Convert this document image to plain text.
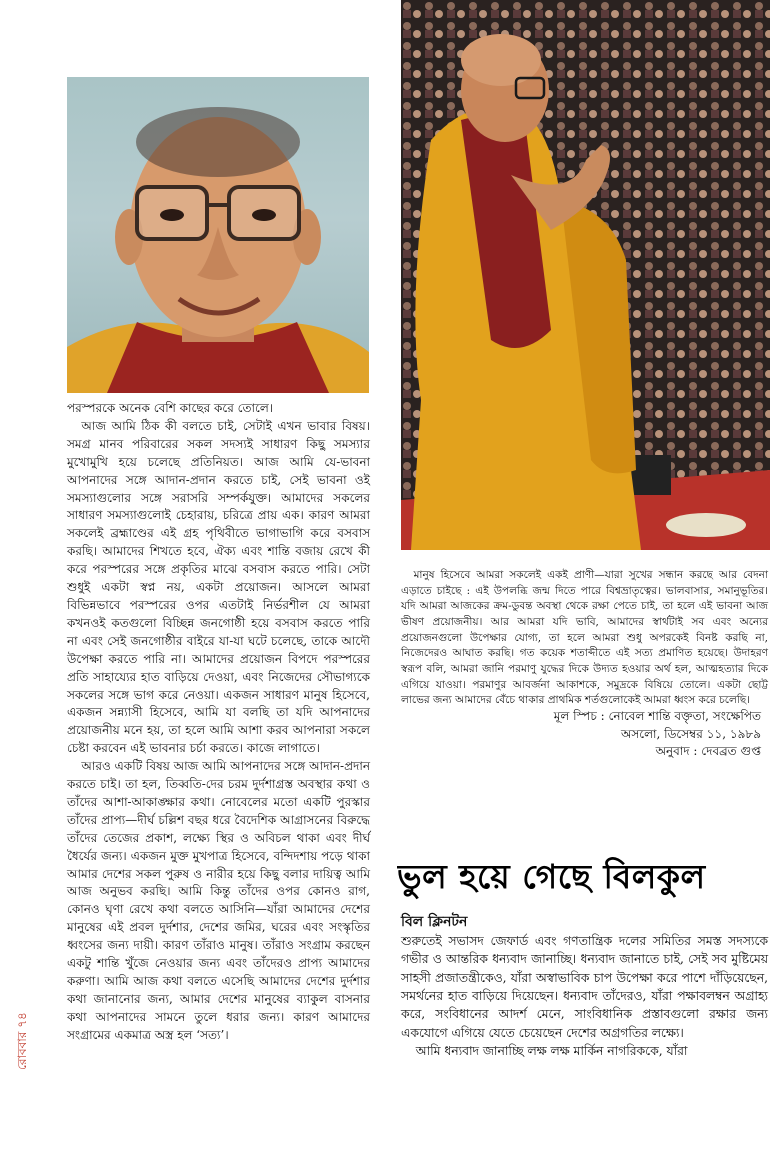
পরস্পরকে অনেক বেশি কাছের করে তোলে।

আজ আমি ঠিক কী বলতে চাই, সেটাই এখন ভাবার বিষয়। সমগ্র মানব পরিবারের সকল সদস্যই সাধারণ কিছু সমস্যার মুখোমুখি হয়ে চলেছে প্রতিনিয়ত। আজ আমি যে-ভাবনা আপনাদের সঙ্গে আদান-প্রদান করতে চাই, সেই ভাবনা ওই সমস্যাগুলোর সঙ্গে সরাসরি সম্পর্কযুক্ত। আমাদের সকলের সাধারণ সমস্যাগুলোই চেহারায়, চরিত্রে প্রায় এক। কারণ আমরা সকলেই ব্রহ্মাণ্ডের এই গ্রহ পৃথিবীতে ভাগাভাগি করে বসবাস করছি। আমাদের শিখতে হবে, ঐক্য এবং শান্তি বজায় রেখে কী করে পরস্পরের সঙ্গে প্রকৃতির মাঝে বসবাস করতে পারি। সেটা শুধুই একটা স্বপ্ন নয়, একটা প্রয়োজন। আসলে আমরা বিভিন্নভাবে পরস্পরের ওপর এতটাই নির্ভরশীল যে আমরা কখনওই কতগুলো বিচ্ছিন্ন জনগোষ্ঠী হয়ে বসবাস করতে পারি না এবং সেই জনগোষ্ঠীর বাইরে যা-যা ঘটে চলেছে, তাকে আদৌ উপেক্ষা করতে পারি না। আমাদের প্রয়োজন বিপদে পরস্পরের প্রতি সাহায্যের হাত বাড়িয়ে দেওয়া, এবং নিজেদের সৌভাগ্যকে সকলের সঙ্গে ভাগ করে নেওয়া। একজন সাধারণ মানুষ হিসেবে, একজন সন্ন্যাসী হিসেবে, আমি যা বলছি তা যদি আপনাদের প্রয়োজনীয় মনে হয়, তা হলে আমি আশা করব আপনারা সকলে চেষ্টা করবেন এই ভাবনার চর্চা করতে। কাজে লাগাতে।

আরও একটি বিষয় আজ আমি আপনাদের সঙ্গে আদান-প্রদান করতে চাই। তা হল, তিব্বতি-দের চরম দুর্দশাগ্রস্ত অবস্থার কথা ও তাঁদের আশা-আকাঙ্ক্ষার কথা। নোবেলের মতো একটি পুরস্কার তাঁদের প্রাপ্য—দীর্ঘ চল্লিশ বছর ধরে বৈদেশিক আগ্রাসনের বিরুদ্ধে তাঁদের তেজের প্রকাশ, লক্ষ্যে স্থির ও অবিচল থাকা এবং দীর্ঘ ধৈর্যের জন্য। একজন মুক্ত মুখপাত্র হিসেবে, বন্দিদশায় পড়ে থাকা আমার দেশের সকল পুরুষ ও নারীর হয়ে কিছু বলার দায়িত্ব আমি আজ অনুভব করছি। আমি কিন্তু তাঁদের ওপর কোনও রাগ, কোনও ঘৃণা রেখে কথা বলতে আসিনি—যাঁরা আমাদের দেশের মানুষের এই প্রবল দুর্দশার, দেশের জমির, ঘরের এবং সংস্কৃতির ধ্বংসের জন্য দায়ী। কারণ তাঁরাও মানুষ। তাঁরাও সংগ্রাম করছেন একটু শান্তি খুঁজে নেওয়ার জন্য এবং তাঁদেরও প্রাপ্য আমাদের করুণা। আমি আজ কথা বলতে এসেছি আমাদের দেশের দুর্দশার কথা জানানোর জন্য, আমার দেশের মানুষের ব্যাকুল বাসনার কথা আপনাদের সামনে তুলে ধরার জন্য। কারণ আমাদের সংগ্রামের একমাত্র অস্ত্র হল ‘সত্য’।

মানুষ হিসেবে আমরা সকলেই একই প্রাণী—যারা সুখের সন্ধান করছে আর বেদনা এড়াতে চাইছে : এই উপলব্ধি জন্ম দিতে পারে বিশ্বভ্রাতৃত্বের। ভালবাসার, সমানুভূতির। যদি আমরা আজকের ক্রম-ডুবন্ত অবস্থা থেকে রক্ষা পেতে চাই, তা হলে এই ভাবনা আজ ভীষণ প্রয়োজনীয়। আর আমরা যদি ভাবি, আমাদের স্বার্থটাই সব এবং অন্যের প্রয়োজনগুলো উপেক্ষার যোগ্য, তা হলে আমরা শুধু অপরকেই বিনষ্ট করছি না, নিজেদেরও আঘাত করছি। গত কয়েক শতাব্দীতে এই সত্য প্রমাণিত হয়েছে। উদাহরণ স্বরূপ বলি, আমরা জানি পরমাণু যুদ্ধের দিকে উদ্যত হওয়ার অর্থ হল, আত্মহত্যার দিকে এগিয়ে যাওয়া। পরমাণুর আবর্জনা আকাশকে, সমুদ্রকে বিষিয়ে তোলে। একটা ছোট্ট লাভের জন্য আমাদের বেঁচে থাকার প্রাথমিক শর্তগুলোকেই আমরা ধ্বংস করে চলেছি।

মূল স্পিচ : নোবেল শান্তি বক্তৃতা, সংক্ষেপিত
অসলো, ডিসেম্বর ১১, ১৯৮৯
অনুবাদ : দেবব্রত গুপ্ত
ভুল হয়ে গেছে বিলকুল
বিল ক্লিনটন

শুরুতেই সভাসদ জেফার্ড এবং গণতান্ত্রিক দলের সমিতির সমস্ত সদস্যকে গভীর ও আন্তরিক ধন্যবাদ জানাচ্ছি। ধন্যবাদ জানাতে চাই, সেই সব মুষ্টিমেয় সাহসী প্রজাতন্ত্রীকেও, যাঁরা অস্বাভাবিক চাপ উপেক্ষা করে পাশে দাঁড়িয়েছেন, সমর্থনের হাত বাড়িয়ে দিয়েছেন। ধন্যবাদ তাঁদেরও, যাঁরা পক্ষাবলম্বন অগ্রাহ্য করে, সংবিধানের আদর্শ মেনে, সাংবিধানিক প্রস্তাবগুলো রক্ষার জন্য একযোগে এগিয়ে যেতে চেয়েছেন দেশের অগ্রগতির লক্ষ্যে।

আমি ধন্যবাদ জানাচ্ছি লক্ষ লক্ষ মার্কিন নাগরিককে, যাঁরা

রোববার ৭৪
